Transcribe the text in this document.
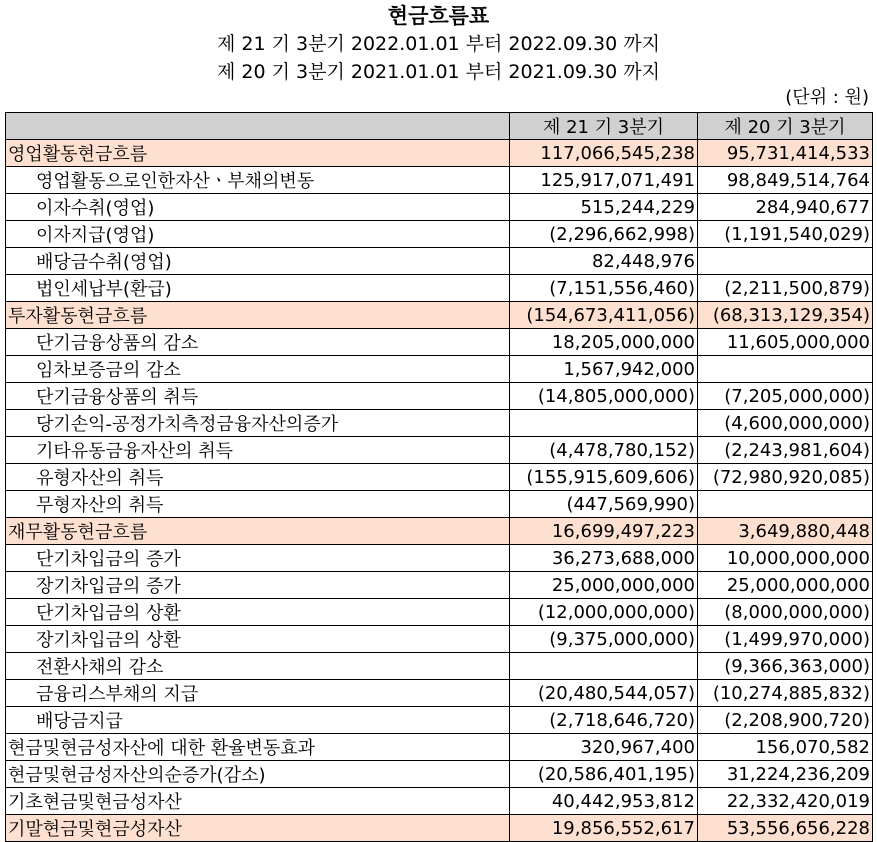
현금흐름표
제 21 기 3분기 2022.01.01 부터 2022.09.30 까지
제 20 기 3분기 2021.01.01 부터 2021.09.30 까지
(단위 : 원)
	제 21 기 3분기	제 20 기 3분기
영업활동현금흐름	117,066,545,238	95,731,414,533
영업활동으로인한자산ㆍ부채의변동	125,917,071,491	98,849,514,764
이자수취(영업)	515,244,229	284,940,677
이자지급(영업)	(2,296,662,998)	(1,191,540,029)
배당금수취(영업)	82,448,976	
법인세납부(환급)	(7,151,556,460)	(2,211,500,879)
투자활동현금흐름	(154,673,411,056)	(68,313,129,354)
단기금융상품의 감소	18,205,000,000	11,605,000,000
임차보증금의 감소	1,567,942,000	
단기금융상품의 취득	(14,805,000,000)	(7,205,000,000)
당기손익-공정가치측정금융자산의증가		(4,600,000,000)
기타유동금융자산의 취득	(4,478,780,152)	(2,243,981,604)
유형자산의 취득	(155,915,609,606)	(72,980,920,085)
무형자산의 취득	(447,569,990)	
재무활동현금흐름	16,699,497,223	3,649,880,448
단기차입금의 증가	36,273,688,000	10,000,000,000
장기차입금의 증가	25,000,000,000	25,000,000,000
단기차입금의 상환	(12,000,000,000)	(8,000,000,000)
장기차입금의 상환	(9,375,000,000)	(1,499,970,000)
전환사채의 감소		(9,366,363,000)
금융리스부채의 지급	(20,480,544,057)	(10,274,885,832)
배당금지급	(2,718,646,720)	(2,208,900,720)
현금및현금성자산에 대한 환율변동효과	320,967,400	156,070,582
현금및현금성자산의순증가(감소)	(20,586,401,195)	31,224,236,209
기초현금및현금성자산	40,442,953,812	22,332,420,019
기말현금및현금성자산	19,856,552,617	53,556,656,228
